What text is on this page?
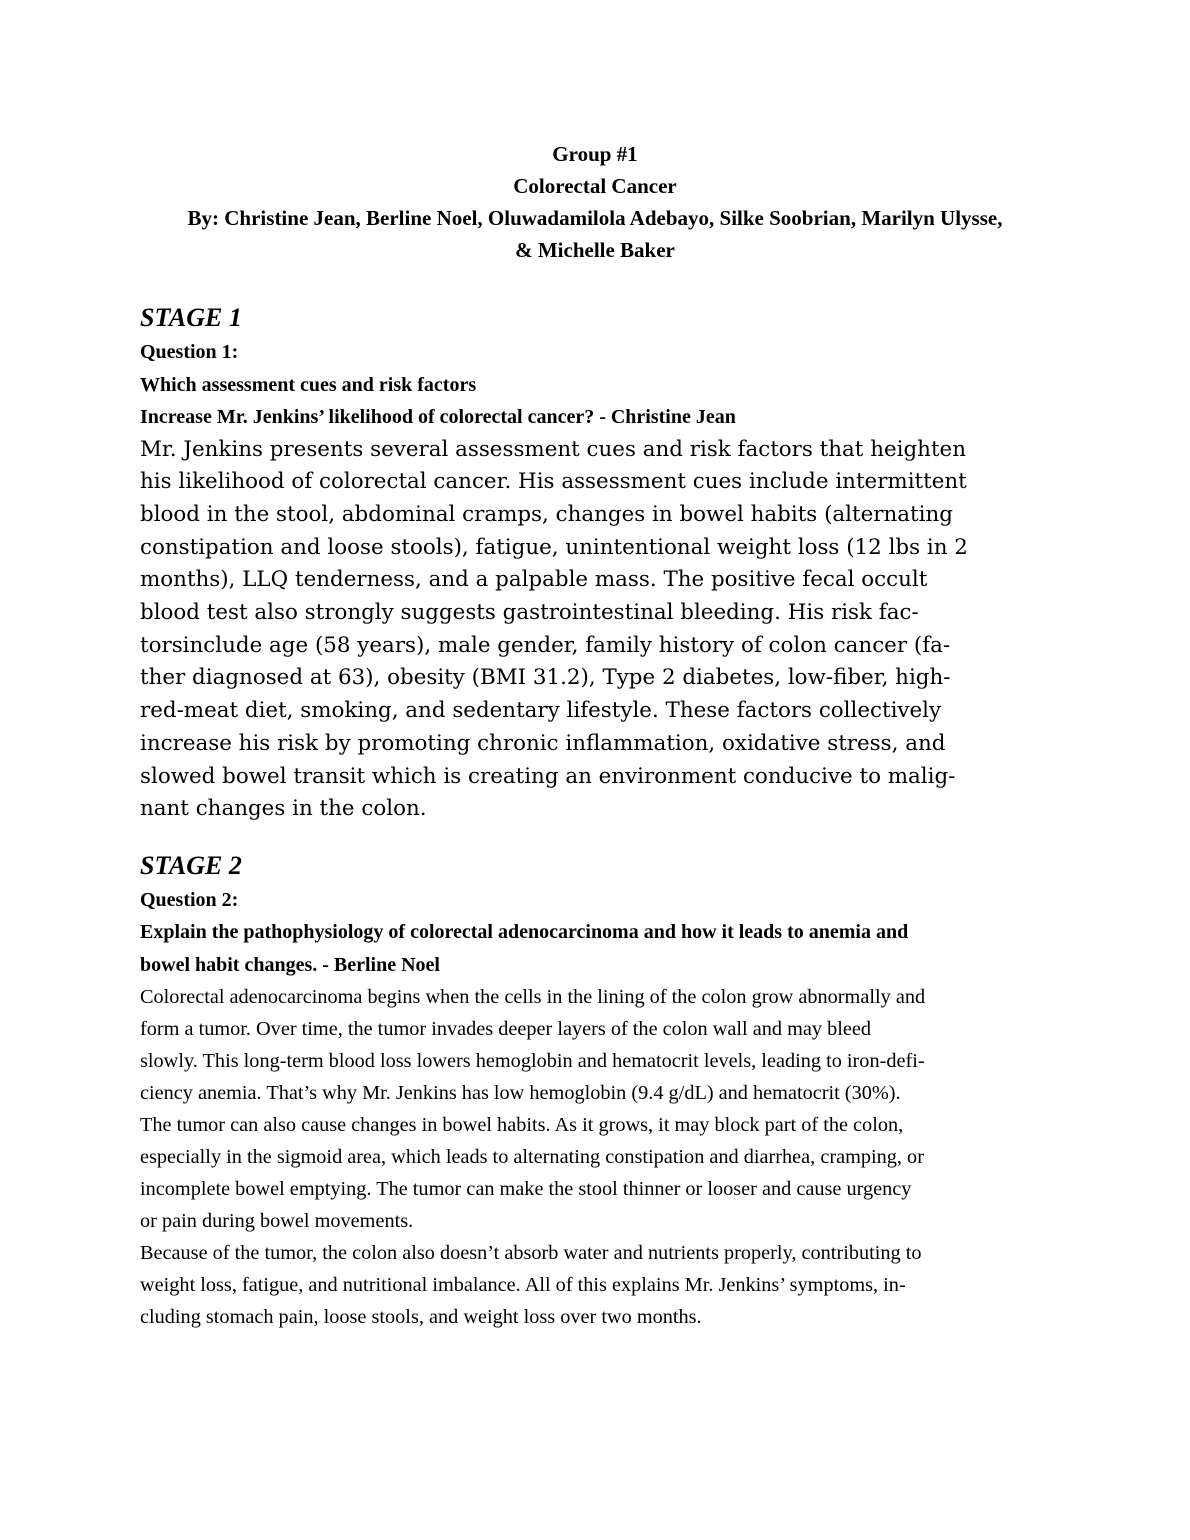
Group #1
Colorectal Cancer
By: Christine Jean, Berline Noel, Oluwadamilola Adebayo, Silke Soobrian, Marilyn Ulysse,
& Michelle Baker
STAGE 1
Question 1:
Which assessment cues and risk factors
Increase Mr. Jenkins’ likelihood of colorectal cancer? - Christine Jean
Mr. Jenkins presents several assessment cues and risk factors that heighten
his likelihood of colorectal cancer. His assessment cues include intermittent
blood in the stool, abdominal cramps, changes in bowel habits (alternating
constipation and loose stools), fatigue, unintentional weight loss (12 lbs in 2
months), LLQ tenderness, and a palpable mass. The positive fecal occult
blood test also strongly suggests gastrointestinal bleeding. His risk fac-
torsinclude age (58 years), male gender, family history of colon cancer (fa-
ther diagnosed at 63), obesity (BMI 31.2), Type 2 diabetes, low-fiber, high-
red-meat diet, smoking, and sedentary lifestyle. These factors collectively
increase his risk by promoting chronic inflammation, oxidative stress, and
slowed bowel transit which is creating an environment conducive to malig-
nant changes in the colon.
STAGE 2
Question 2:
Explain the pathophysiology of colorectal adenocarcinoma and how it leads to anemia and
bowel habit changes. - Berline Noel
Colorectal adenocarcinoma begins when the cells in the lining of the colon grow abnormally and
form a tumor. Over time, the tumor invades deeper layers of the colon wall and may bleed
slowly. This long-term blood loss lowers hemoglobin and hematocrit levels, leading to iron-defi-
ciency anemia. That’s why Mr. Jenkins has low hemoglobin (9.4 g/dL) and hematocrit (30%).
The tumor can also cause changes in bowel habits. As it grows, it may block part of the colon,
especially in the sigmoid area, which leads to alternating constipation and diarrhea, cramping, or
incomplete bowel emptying. The tumor can make the stool thinner or looser and cause urgency
or pain during bowel movements.
Because of the tumor, the colon also doesn’t absorb water and nutrients properly, contributing to
weight loss, fatigue, and nutritional imbalance. All of this explains Mr. Jenkins’ symptoms, in-
cluding stomach pain, loose stools, and weight loss over two months.
